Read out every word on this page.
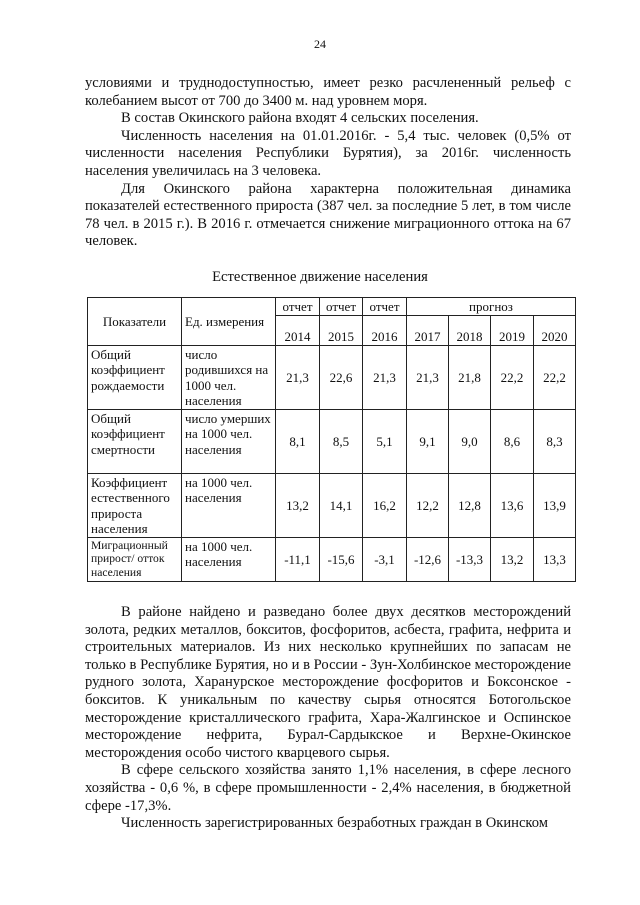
24

условиями и труднодоступностью, имеет резко расчлененный рельеф с колебанием высот от 700 до 3400 м. над уровнем моря.

В состав Окинского района входят 4 сельских поселения.

Численность населения на 01.01.2016г. - 5,4 тыс. человек (0,5% от численности населения Республики Бурятия), за 2016г. численность населения увеличилась на 3 человека.

Для Окинского района характерна положительная динамика показателей естественного прироста (387 чел. за последние 5 лет, в том числе 78 чел. в 2015 г.). В 2016 г. отмечается снижение миграционного оттока на 67 человек.

Естественное движение населения
Показатели	Ед. измерения	отчет	отчет	отчет	прогноз			
		2014	2015	2016	2017	2018	2019	2020
Общий коэффициент рождаемости	число родившихся на 1000 чел. населения	21,3	22,6	21,3	21,3	21,8	22,2	22,2
Общий коэффициент смертности	число умерших на 1000 чел. населения	8,1	8,5	5,1	9,1	9,0	8,6	8,3
Коэффициент естественного прироста населения	на 1000 чел. населения	13,2	14,1	16,2	12,2	12,8	13,6	13,9
Миграционный прирост/ отток населения	на 1000 чел. населения	-11,1	-15,6	-3,1	-12,6	-13,3	13,2	13,3

В районе найдено и разведано более двух десятков месторождений золота, редких металлов, бокситов, фосфоритов, асбеста, графита, нефрита и строительных материалов. Из них несколько крупнейших по запасам не только в Республике Бурятия, но и в России - Зун-Холбинское месторождение рудного золота, Харанурское месторождение фосфоритов и Боксонское - бокситов. К уникальным по качеству сырья относятся Ботогольское месторождение кристаллического графита, Хара-Жалгинское и Оспинское месторождение нефрита, Бурал-Сардыкское и Верхне-Окинское месторождения особо чистого кварцевого сырья.

В сфере сельского хозяйства занято 1,1% населения, в сфере лесного хозяйства - 0,6 %, в сфере промышленности - 2,4% населения, в бюджетной сфере -17,3%.

Численность зарегистрированных безработных граждан в Окинском
